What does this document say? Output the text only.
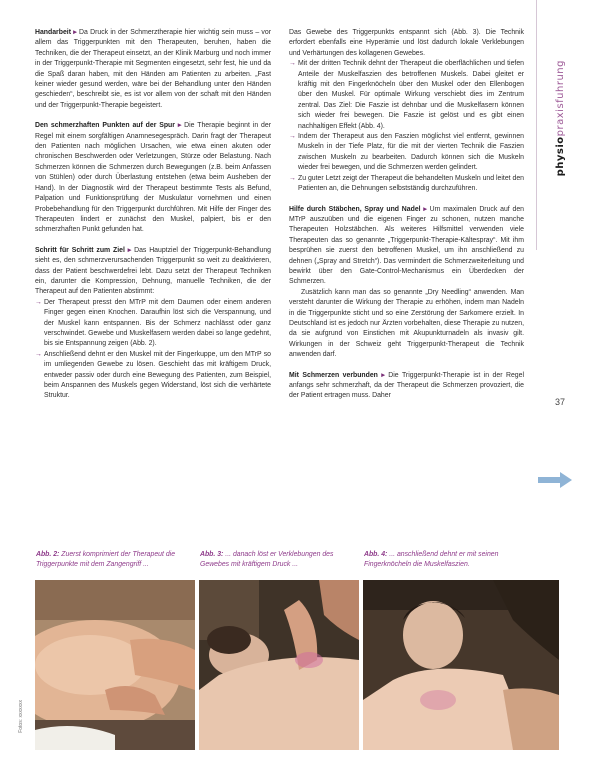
Handarbeit ▸ Da Druck in der Schmerztherapie hier wichtig sein muss – vor allem das Triggerpunkten mit den Therapeuten, beruhen, haben die Techniken, die der Therapeut einsetzt, an der Klinik Marburg und noch immer in der Triggerpunkt-Therapie mit Segmenten eingesetzt, sehr fest, hie und da die Spaß daran haben, mit den Händen am Patienten zu arbeiten. „Fast keiner wieder gesund werden, wäre bei der Behandlung unter den Händen geschieden“, beschreibt sie, es ist vor allem von der schaft mit den Händen und der Triggerpunkt-Therapie begeistert.

Den schmerzhaften Punkten auf der Spur ▸ Die Therapie beginnt in der Regel mit einem sorgfältigen Anamnesegespräch. Darin fragt der Therapeut den Patienten nach möglichen Ursachen, wie etwa einen akuten oder chronischen Beschwerden oder Verletzungen, Stürze oder Belastung. Nach Schmerzen können die Schmerzen durch Bewegungen (z.B. beim Anfassen von Stühlen) oder durch Überlastung entstehen (etwa beim Ausheben der Hand). In der Diagnostik wird der Therapeut bestimmte Tests als Befund, Palpation und Funktionsprüfung der Muskulatur vornehmen und einen Probebehandlung für den Triggerpunkt durchführen. Mit Hilfe der Finger des Therapeuten lindert er zunächst den Muskel, palpiert, bis er den schmerzhaften Punkt gefunden hat.

Schritt für Schritt zum Ziel ▸ Das Hauptziel der Triggerpunkt-Behandlung sieht es, den schmerzverursachenden Triggerpunkt so weit zu deaktivieren, dass der Patient beschwerdefrei lebt. Dazu setzt der Therapeut Techniken ein, darunter die Kompression, Dehnung, manuelle Techniken, die der Therapeut auf den Patienten abstimmt:

→ Der Therapeut presst den MTrP mit dem Daumen oder einem anderen Finger gegen einen Knochen. Daraufhin löst sich die Verspannung, und der Muskel kann entspannen. Bis der Schmerz nachlässt oder ganz verschwindet. Gewebe und Muskelfasern werden dabei so lange gedehnt, bis sie Entspannung zeigen (Abb. 2).
→ Anschließend dehnt er den Muskel mit der Fingerkuppe, um den MTrP so im umliegenden Gewebe zu lösen. Geschieht das mit kräftigem Druck, entweder passiv oder durch eine Bewegung des Patienten, zum Beispiel, beim Anspannen des Muskels gegen Widerstand, löst sich die verhärtete Struktur.

Das Gewebe des Triggerpunkts entspannt sich (Abb. 3). Die Technik erfordert ebenfalls eine Hyperämie und löst dadurch lokale Verklebungen und Verhärtungen des kollagenen Gewebes.

→ Mit der dritten Technik dehnt der Therapeut die oberflächlichen und tiefen Anteile der Muskelfaszien des betroffenen Muskels. Dabei gleitet er kräftig mit den Fingerknöcheln über den Muskel oder den Ellenbogen über den Muskel. Für optimale Wirkung verschiebt dies im Zentrum zentral. Das Ziel: Die Faszie ist dehnbar und die Muskelfasern können sich wieder frei bewegen. Die Faszie ist gelöst und es gibt einen nachhaltigen Effekt (Abb. 4).
→ Indem der Therapeut aus den Faszien möglichst viel entfernt, gewinnen Muskeln in der Tiefe Platz, für die mit der vierten Technik die Faszien zwischen Muskeln zu bearbeiten. Dadurch können sich die Muskeln wieder frei bewegen, und die Schmerzen werden gelindert.
→ Zu guter Letzt zeigt der Therapeut die behandelten Muskeln und leitet den Patienten an, die Dehnungen selbstständig durchzuführen.

Hilfe durch Stäbchen, Spray und Nadel ▸ Um maximalen Druck auf den MTrP auszuüben und die eigenen Finger zu schonen, nutzen manche Therapeuten Holzstäbchen. Als weiteres Hilfsmittel verwenden viele Therapeuten das so genannte „Triggerpunkt-Therapie-Kältespray“. Mit ihm besprühen sie zuerst den betroffenen Muskel, um ihn anschließend zu dehnen („Spray and Stretch“). Das vermindert die Schmerzweiterleitung und bewirkt über den Gate-Control-Mechanismus ein Überdecken der Schmerzen.

Zusätzlich kann man das so genannte „Dry Needling“ anwenden. Man versteht darunter die Wirkung der Therapie zu erhöhen, indem man Nadeln in die Triggerpunkte sticht und so eine Zerstörung der Sarkomere erzielt. In Deutschland ist es jedoch nur Ärzten vorbehalten, diese Therapie zu nutzen, da sie aufgrund von Einstichen mit Akupunkturnadeln als invasiv gilt. Wirkungen in der Schweiz geht Triggerpunkt-Therapeut die Technik anwenden darf.

Mit Schmerzen verbunden ▸ Die Triggerpunkt-Therapie ist in der Regel anfangs sehr schmerzhaft, da der Therapeut die Schmerzen provoziert, die der Patient ertragen muss. Daher

physiopraxisfuhrung
37
Abb. 2: Zuerst komprimiert der Therapeut die Triggerpunkte mit dem Zangengriff ...
Abb. 3: ... danach löst er Verklebungen des Gewebes mit kräftigem Druck ...
Abb. 4: ... anschließend dehnt er mit seinen Fingerknöcheln die Muskelfaszien.
Fotos: xxxxxxx
